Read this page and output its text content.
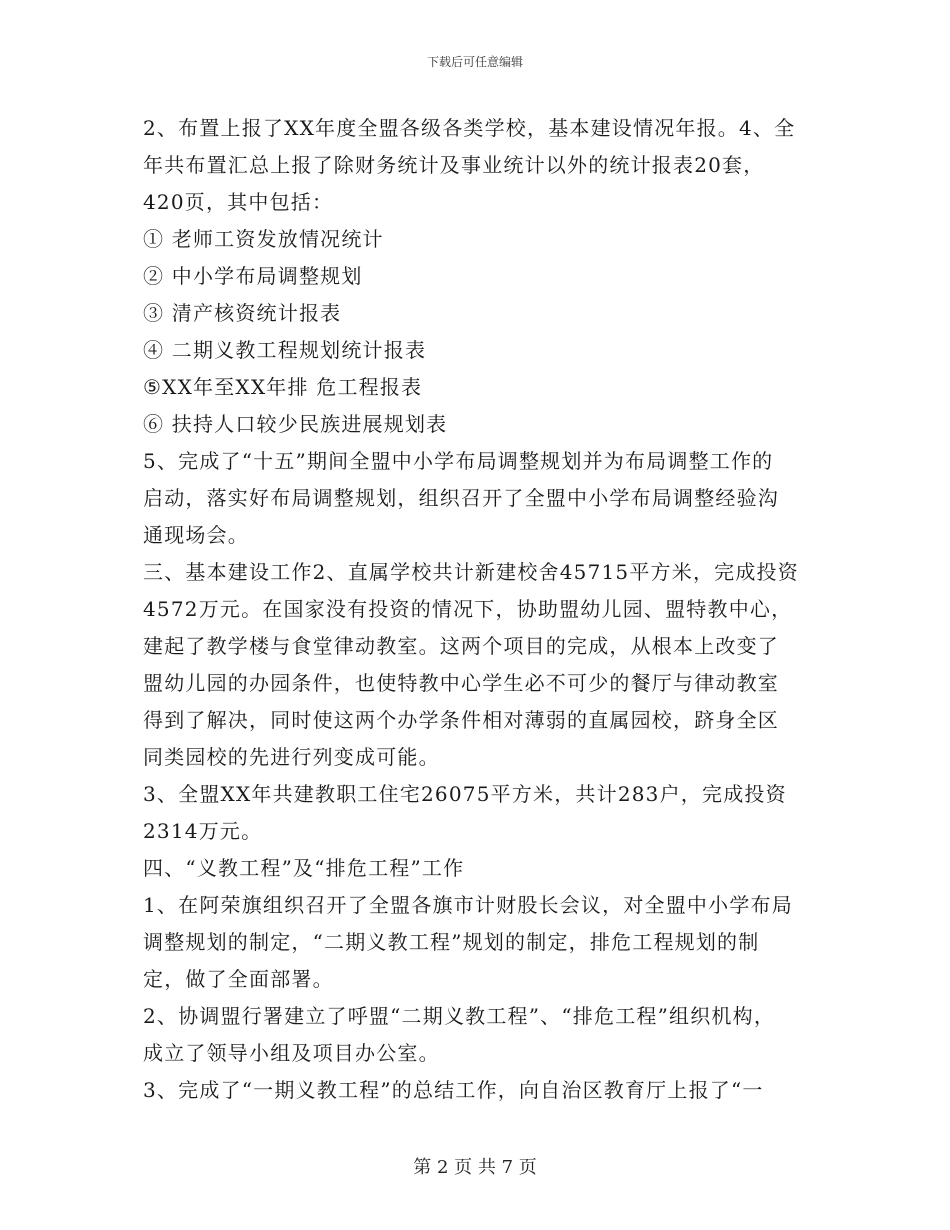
下载后可任意编辑
2、布置上报了XX年度全盟各级各类学校，基本建设情况年报。4、全
年共布置汇总上报了除财务统计及事业统计以外的统计报表20套，
420页，其中包括：
① 老师工资发放情况统计
② 中小学布局调整规划
③ 清产核资统计报表
④ 二期义教工程规划统计报表
⑤XX年至XX年排 危工程报表
⑥ 扶持人口较少民族进展规划表
5、完成了“十五”期间全盟中小学布局调整规划并为布局调整工作的
启动，落实好布局调整规划，组织召开了全盟中小学布局调整经验沟
通现场会。
三、基本建设工作2、直属学校共计新建校舍45715平方米，完成投资
4572万元。在国家没有投资的情况下，协助盟幼儿园、盟特教中心，
建起了教学楼与食堂律动教室。这两个项目的完成，从根本上改变了
盟幼儿园的办园条件，也使特教中心学生必不可少的餐厅与律动教室
得到了解决，同时使这两个办学条件相对薄弱的直属园校，跻身全区
同类园校的先进行列变成可能。
3、全盟XX年共建教职工住宅26075平方米，共计283户，完成投资
2314万元。
四、“义教工程”及“排危工程”工作
1、在阿荣旗组织召开了全盟各旗市计财股长会议，对全盟中小学布局
调整规划的制定，“二期义教工程”规划的制定，排危工程规划的制
定，做了全面部署。
2、协调盟行署建立了呼盟“二期义教工程”、“排危工程”组织机构，
成立了领导小组及项目办公室。
3、完成了“一期义教工程”的总结工作，向自治区教育厅上报了“一
第 2 页 共 7 页
